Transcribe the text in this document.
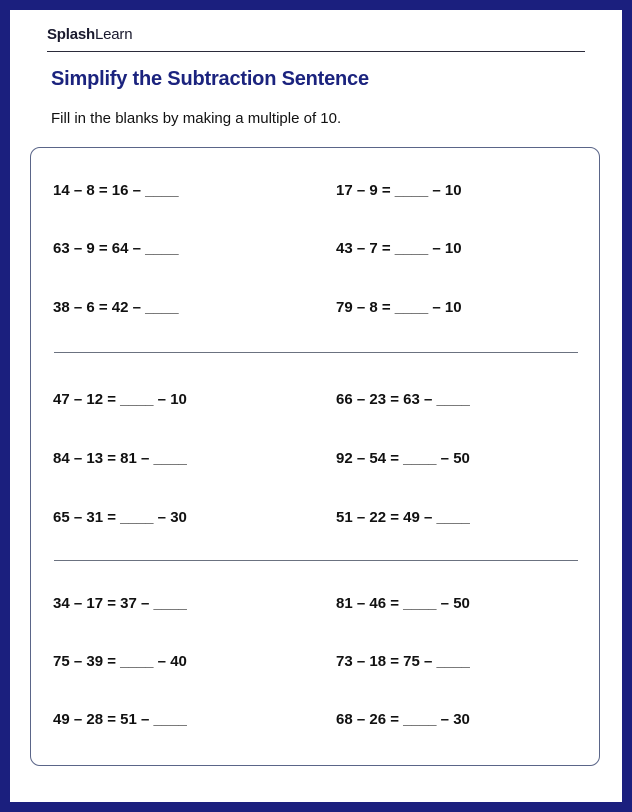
SplashLearn
Simplify the Subtraction Sentence
Fill in the blanks by making a multiple of 10.
14 – 8 = 16 – ____	17 – 9 = ____ – 10
63 – 9 = 64 – ____	43 – 7 = ____ – 10
38 – 6 = 42 – ____	79 – 8 = ____ – 10
47 – 12 = ____ – 10	66 – 23 = 63 – ____
84 – 13 = 81 – ____	92 – 54 = ____ – 50
65 – 31 = ____ – 30	51 – 22 = 49 – ____
34 – 17 = 37 – ____	81 – 46 = ____ – 50
75 – 39 = ____ – 40	73 – 18 = 75 – ____
49 – 28 = 51 – ____	68 – 26 = ____ – 30
